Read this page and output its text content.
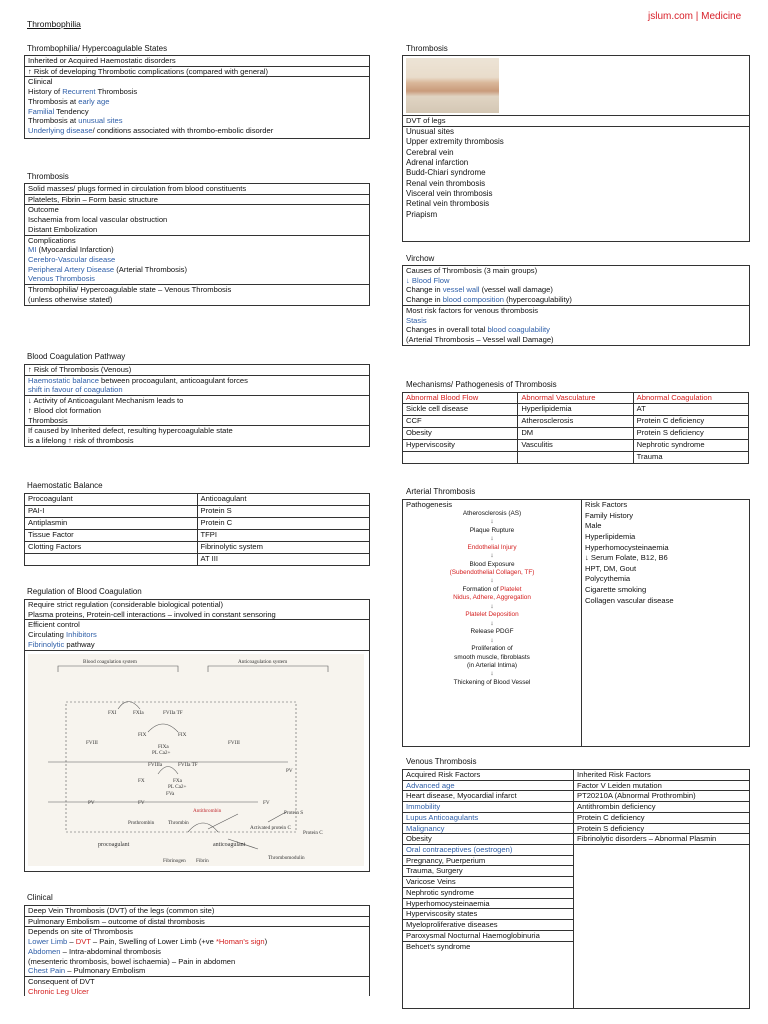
Thrombophilia
jslum.com | Medicine
Thrombophilia/ Hypercoagulable States
Inherited or Acquired Haemostatic disorders
↑ Risk of developing Thrombotic complications (compared with general)
Clinical
History of Recurrent Thrombosis
Thrombosis at early age
Familial Tendency
Thrombosis at unusual sites
Underlying disease/ conditions associated with thrombo-embolic disorder
Thrombosis
Solid masses/ plugs formed in circulation from blood constituents
Platelets, Fibrin – Form basic structure
Outcome
Ischaemia from local vascular obstruction
Distant Embolization
Complications
MI (Myocardial Infarction)
Cerebro-Vascular disease
Peripheral Artery Disease (Arterial Thrombosis)
Venous Thrombosis
Thrombophilia/ Hypercoagulable state – Venous Thrombosis
(unless otherwise stated)
Blood Coagulation Pathway
↑ Risk of Thrombosis (Venous)
Haemostatic balance between procoagulant, anticoagulant forces
shift in favour of coagulation
↓ Activity of Anticoagulant Mechanism leads to
↑ Blood clot formation
Thrombosis
If caused by Inherited defect, resulting hypercoagulable state
is a lifelong ↑ risk of thrombosis
Haemostatic Balance
Procoagulant	Anticoagulant
PAI-I	Protein S
Antiplasmin	Protein C
Tissue Factor	TFPI
Clotting Factors	Fibrinolytic system
	AT III
Regulation of Blood Coagulation
Require strict regulation (considerable biological potential)
Plasma proteins, Protein-cell interactions – involved in constant sensoring
Efficient control
Circulating Inhibitors
Fibrinolytic pathway
Blood coagulation system	Anticoagulation system
FXI	FXIa	FVIIa TF
FIX	FIX
FIXa
PL Ca2+
FVIII	FVIII
FVIIIa	FVIIa TF
FX	FXa
PL Ca2+
FVa
PV	FV	FV
PV
Protein S
Protein C
Activated protein C
Antithrombin
Prothrombin	Thrombin
procoagulant	anticoagulant
Fibrinogen Fibrin	Thrombomodulin
Clinical
Deep Vein Thrombosis (DVT) of the legs (common site)
Pulmonary Embolism – outcome of distal thrombosis
Depends on site of Thrombosis
Lower Limb – DVT – Pain, Swelling of Lower Limb (+ve *Homan's sign)
Abdomen – Intra-abdominal thrombosis
(mesenteric thrombosis, bowel ischaemia) – Pain in abdomen
Chest Pain – Pulmonary Embolism
Consequent of DVT
Chronic Leg Ulcer
Thrombosis
DVT of legs
Unusual sites
Upper extremity thrombosis
Cerebral vein
Adrenal infarction
Budd-Chiari syndrome
Renal vein thrombosis
Visceral vein thrombosis
Retinal vein thrombosis
Priapism
Virchow
Causes of Thrombosis (3 main groups)
↓ Blood Flow
Change in vessel wall (vessel wall damage)
Change in blood composition (hypercoagulability)
Most risk factors for venous thrombosis
Stasis
Changes in overall total blood coagulability
(Arterial Thrombosis – Vessel wall Damage)
Mechanisms/ Pathogenesis of Thrombosis
Abnormal Blood Flow	Abnormal Vasculature	Abnormal Coagulation
Sickle cell disease	Hyperlipidemia	AT
CCF	Atherosclerosis	Protein C deficiency
Obesity	DM	Protein S deficiency
Hyperviscosity	Vasculitis	Nephrotic syndrome
		Trauma
Arterial Thrombosis
Pathogenesis
Atherosclerosis (AS)
↓
Plaque Rupture
↓
Endothelial Injury
↓
Blood Exposure
(Subendothelial Collagen, TF)
↓
Formation of Platelet
Nidus, Adhere, Aggregation
↓
Platelet Deposition
↓
Release PDGF
↓
Proliferation of
smooth muscle, fibroblasts
(in Arterial Intima)
↓
Thickening of Blood Vessel
Risk Factors
Family History
Male
Hyperlipidemia
Hyperhomocysteinaemia
↓ Serum Folate, B12, B6
HPT, DM, Gout
Polycythemia
Cigarette smoking
Collagen vascular disease
Venous Thrombosis
Acquired Risk Factors
Advanced age
Heart disease, Myocardial infarct
Immobility
Lupus Anticoagulants
Malignancy
Obesity
Oral contraceptives (oestrogen)
Pregnancy, Puerperium
Trauma, Surgery
Varicose Veins
Nephrotic syndrome
Hyperhomocysteinaemia
Hyperviscosity states
Myeloproliferative diseases
Paroxysmal Nocturnal Haemoglobinuria
Behcet's syndrome
Inherited Risk Factors
Factor V Leiden mutation
PT20210A (Abnormal Prothrombin)
Antithrombin deficiency
Protein C deficiency
Protein S deficiency
Fibrinolytic disorders – Abnormal Plasmin
